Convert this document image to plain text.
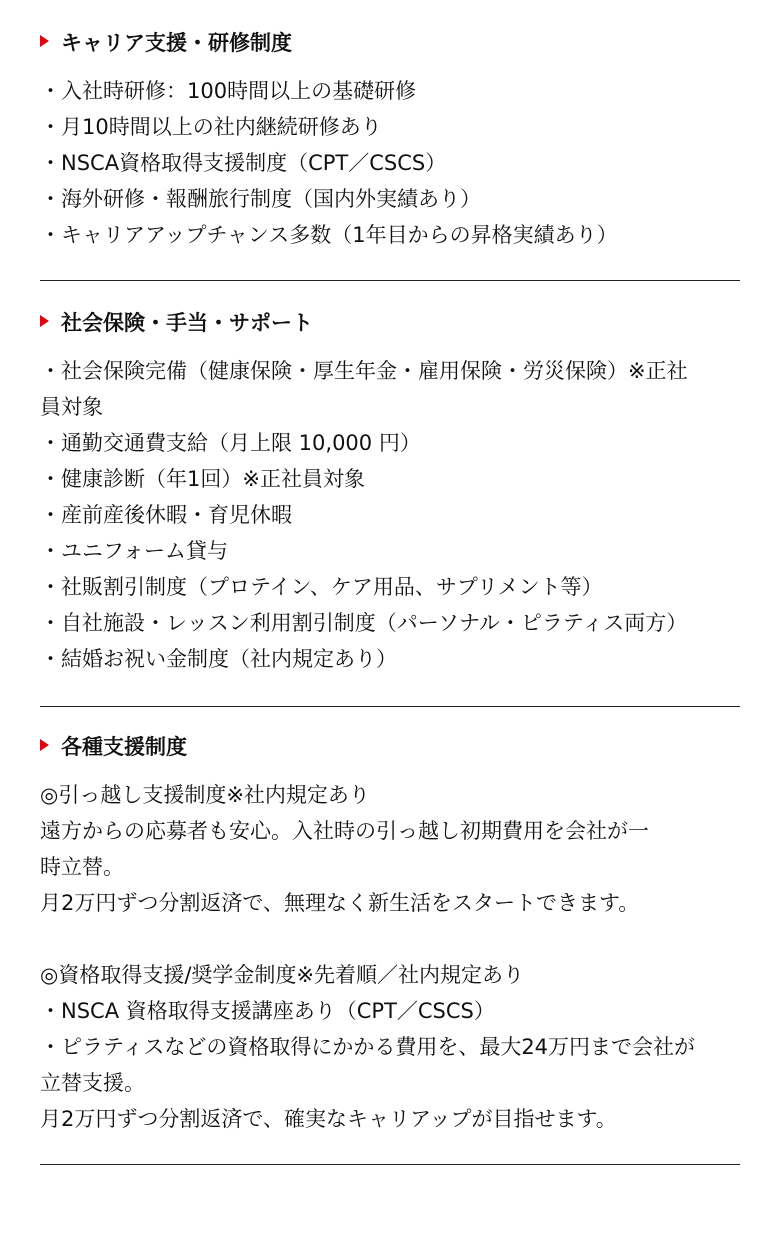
キャリア支援・研修制度
・入社時研修：100時間以上の基礎研修
・月10時間以上の社内継続研修あり
・NSCA資格取得支援制度（CPT／CSCS）
・海外研修・報酬旅行制度（国内外実績あり）
・キャリアアップチャンス多数（1年目からの昇格実績あり）
社会保険・手当・サポート
・社会保険完備（健康保険・厚生年金・雇用保険・労災保険）※正社
員対象
・通勤交通費支給（月上限 10,000 円）
・健康診断（年1回）※正社員対象
・産前産後休暇・育児休暇
・ユニフォーム貸与
・社販割引制度（プロテイン、ケア用品、サプリメント等）
・自社施設・レッスン利用割引制度（パーソナル・ピラティス両方）
・結婚お祝い金制度（社内規定あり）
各種支援制度
◎引っ越し支援制度※社内規定あり
遠方からの応募者も安心。入社時の引っ越し初期費用を会社が一
時立替。
月2万円ずつ分割返済で、無理なく新生活をスタートできます。
◎資格取得支援/奨学金制度※先着順／社内規定あり
・NSCA 資格取得支援講座あり（CPT／CSCS）
・ピラティスなどの資格取得にかかる費用を、最大24万円まで会社が
立替支援。
月2万円ずつ分割返済で、確実なキャリアップが目指せます。
